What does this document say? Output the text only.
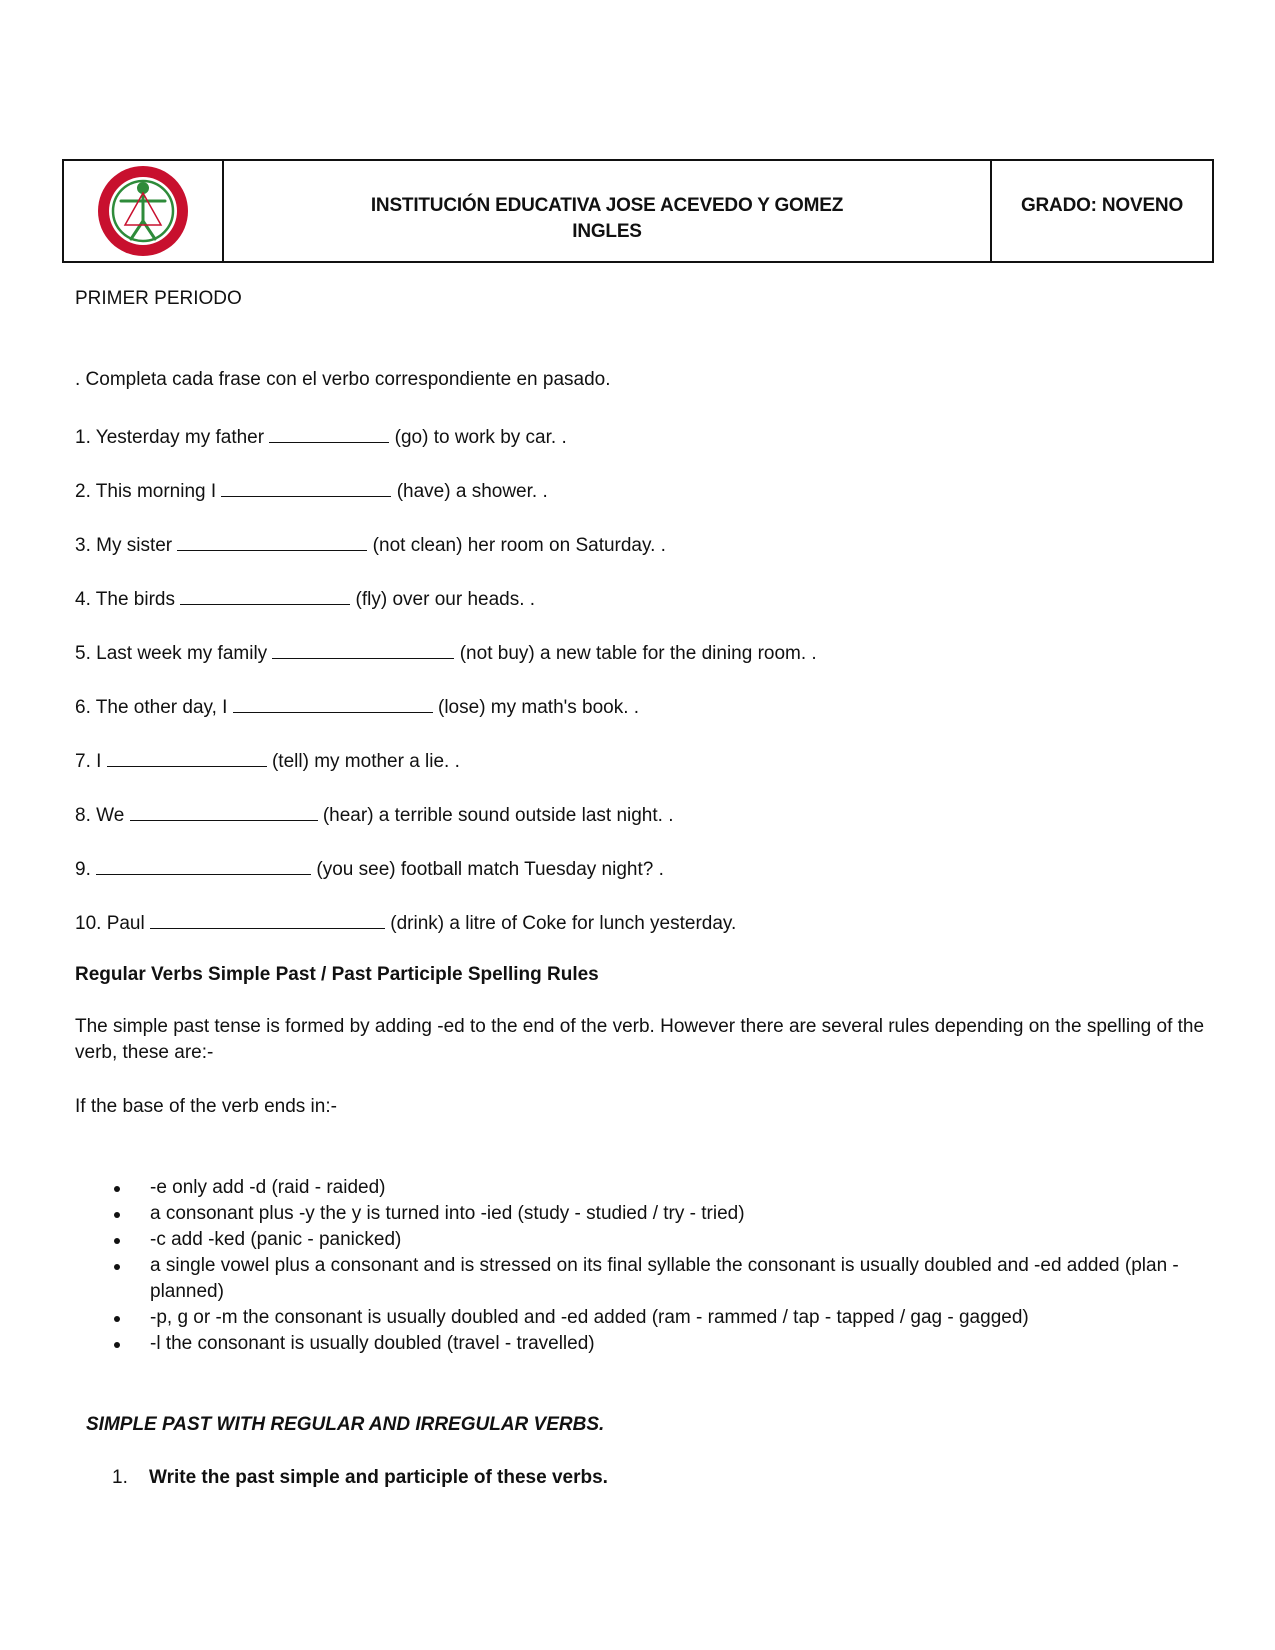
INSTITUCIÓN EDUCATIVA JOSE ACEVEDO Y GOMEZ
INGLES
GRADO: NOVENO
PRIMER PERIODO
. Completa cada frase con el verbo correspondiente en pasado.
1. Yesterday my father	(go) to work by car. .
2. This morning I	(have) a shower. .
3. My sister	(not clean) her room on Saturday. .
4. The birds	(fly) over our heads. .
5. Last week my family	(not buy) a new table for the dining room. .
6. The other day, I	(lose) my math's book. .
7. I	(tell) my mother a lie. .
8. We	(hear) a terrible sound outside last night. .
9.	(you see) football match Tuesday night? .
10. Paul	(drink) a litre of Coke for lunch yesterday.
Regular Verbs Simple Past / Past Participle Spelling Rules
The simple past tense is formed by adding -ed to the end of the verb. However there are several rules depending on the spelling of the verb, these are:-
If the base of the verb ends in:-
-e only add -d (raid - raided)
a consonant plus -y the y is turned into -ied (study - studied / try - tried)
-c add -ked (panic - panicked)
a single vowel plus a consonant and is stressed on its final syllable the consonant is usually doubled and -ed added (plan - planned)
-p, g or -m the consonant is usually doubled and -ed added (ram - rammed / tap - tapped / gag - gagged)
-l the consonant is usually doubled (travel - travelled)
SIMPLE PAST WITH REGULAR AND IRREGULAR VERBS.
1. Write the past simple and participle of these verbs.
